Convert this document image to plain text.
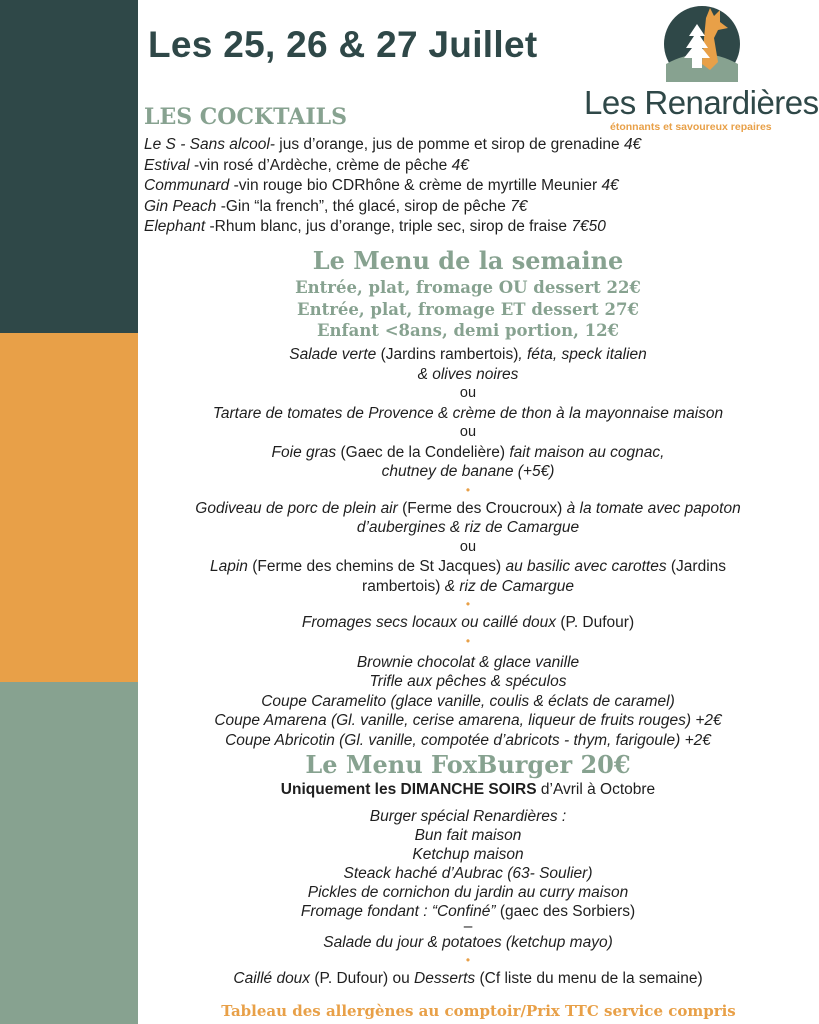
Les 25, 26 & 27 Juillet
Les Renardières
étonnants et savoureux repaires
LES COCKTAILS
Le S - Sans alcool- jus d’orange, jus de pomme et sirop de grenadine 4€
Estival -vin rosé d’Ardèche, crème de pêche 4€
Communard -vin rouge bio CDRhône & crème de myrtille Meunier 4€
Gin Peach -Gin “la french”, thé glacé, sirop de pêche 7€
Elephant -Rhum blanc, jus d’orange, triple sec, sirop de fraise 7€50
Le Menu de la semaine
Entrée, plat, fromage OU dessert 22€
Entrée, plat, fromage ET dessert 27€
Enfant <8ans, demi portion, 12€
Salade verte (Jardins rambertois), féta, speck italien
& olives noires
ou
Tartare de tomates de Provence & crème de thon à la mayonnaise maison
ou
Foie gras (Gaec de la Condelière) fait maison au cognac,
chutney de banane (+5€)
•
Godiveau de porc de plein air (Ferme des Croucroux) à la tomate avec papoton
d’aubergines & riz de Camargue
ou
Lapin (Ferme des chemins de St Jacques) au basilic avec carottes (Jardins
rambertois) & riz de Camargue
•
Fromages secs locaux ou caillé doux (P. Dufour)
•
Brownie chocolat & glace vanille
Trifle aux pêches & spéculos
Coupe Caramelito (glace vanille, coulis & éclats de caramel)
Coupe Amarena (Gl. vanille, cerise amarena, liqueur de fruits rouges) +2€
Coupe Abricotin (Gl. vanille, compotée d’abricots - thym, farigoule) +2€
Le Menu FoxBurger 20€
Uniquement les DIMANCHE SOIRS d’Avril à Octobre
Burger spécial Renardières :
Bun fait maison
Ketchup maison
Steack haché d’Aubrac (63- Soulier)
Pickles de cornichon du jardin au curry maison
Fromage fondant : “Confiné” (gaec des Sorbiers)
–
Salade du jour & potatoes (ketchup mayo)
•
Caillé doux (P. Dufour) ou Desserts (Cf liste du menu de la semaine)
Tableau des allergènes au comptoir/Prix TTC service compris
